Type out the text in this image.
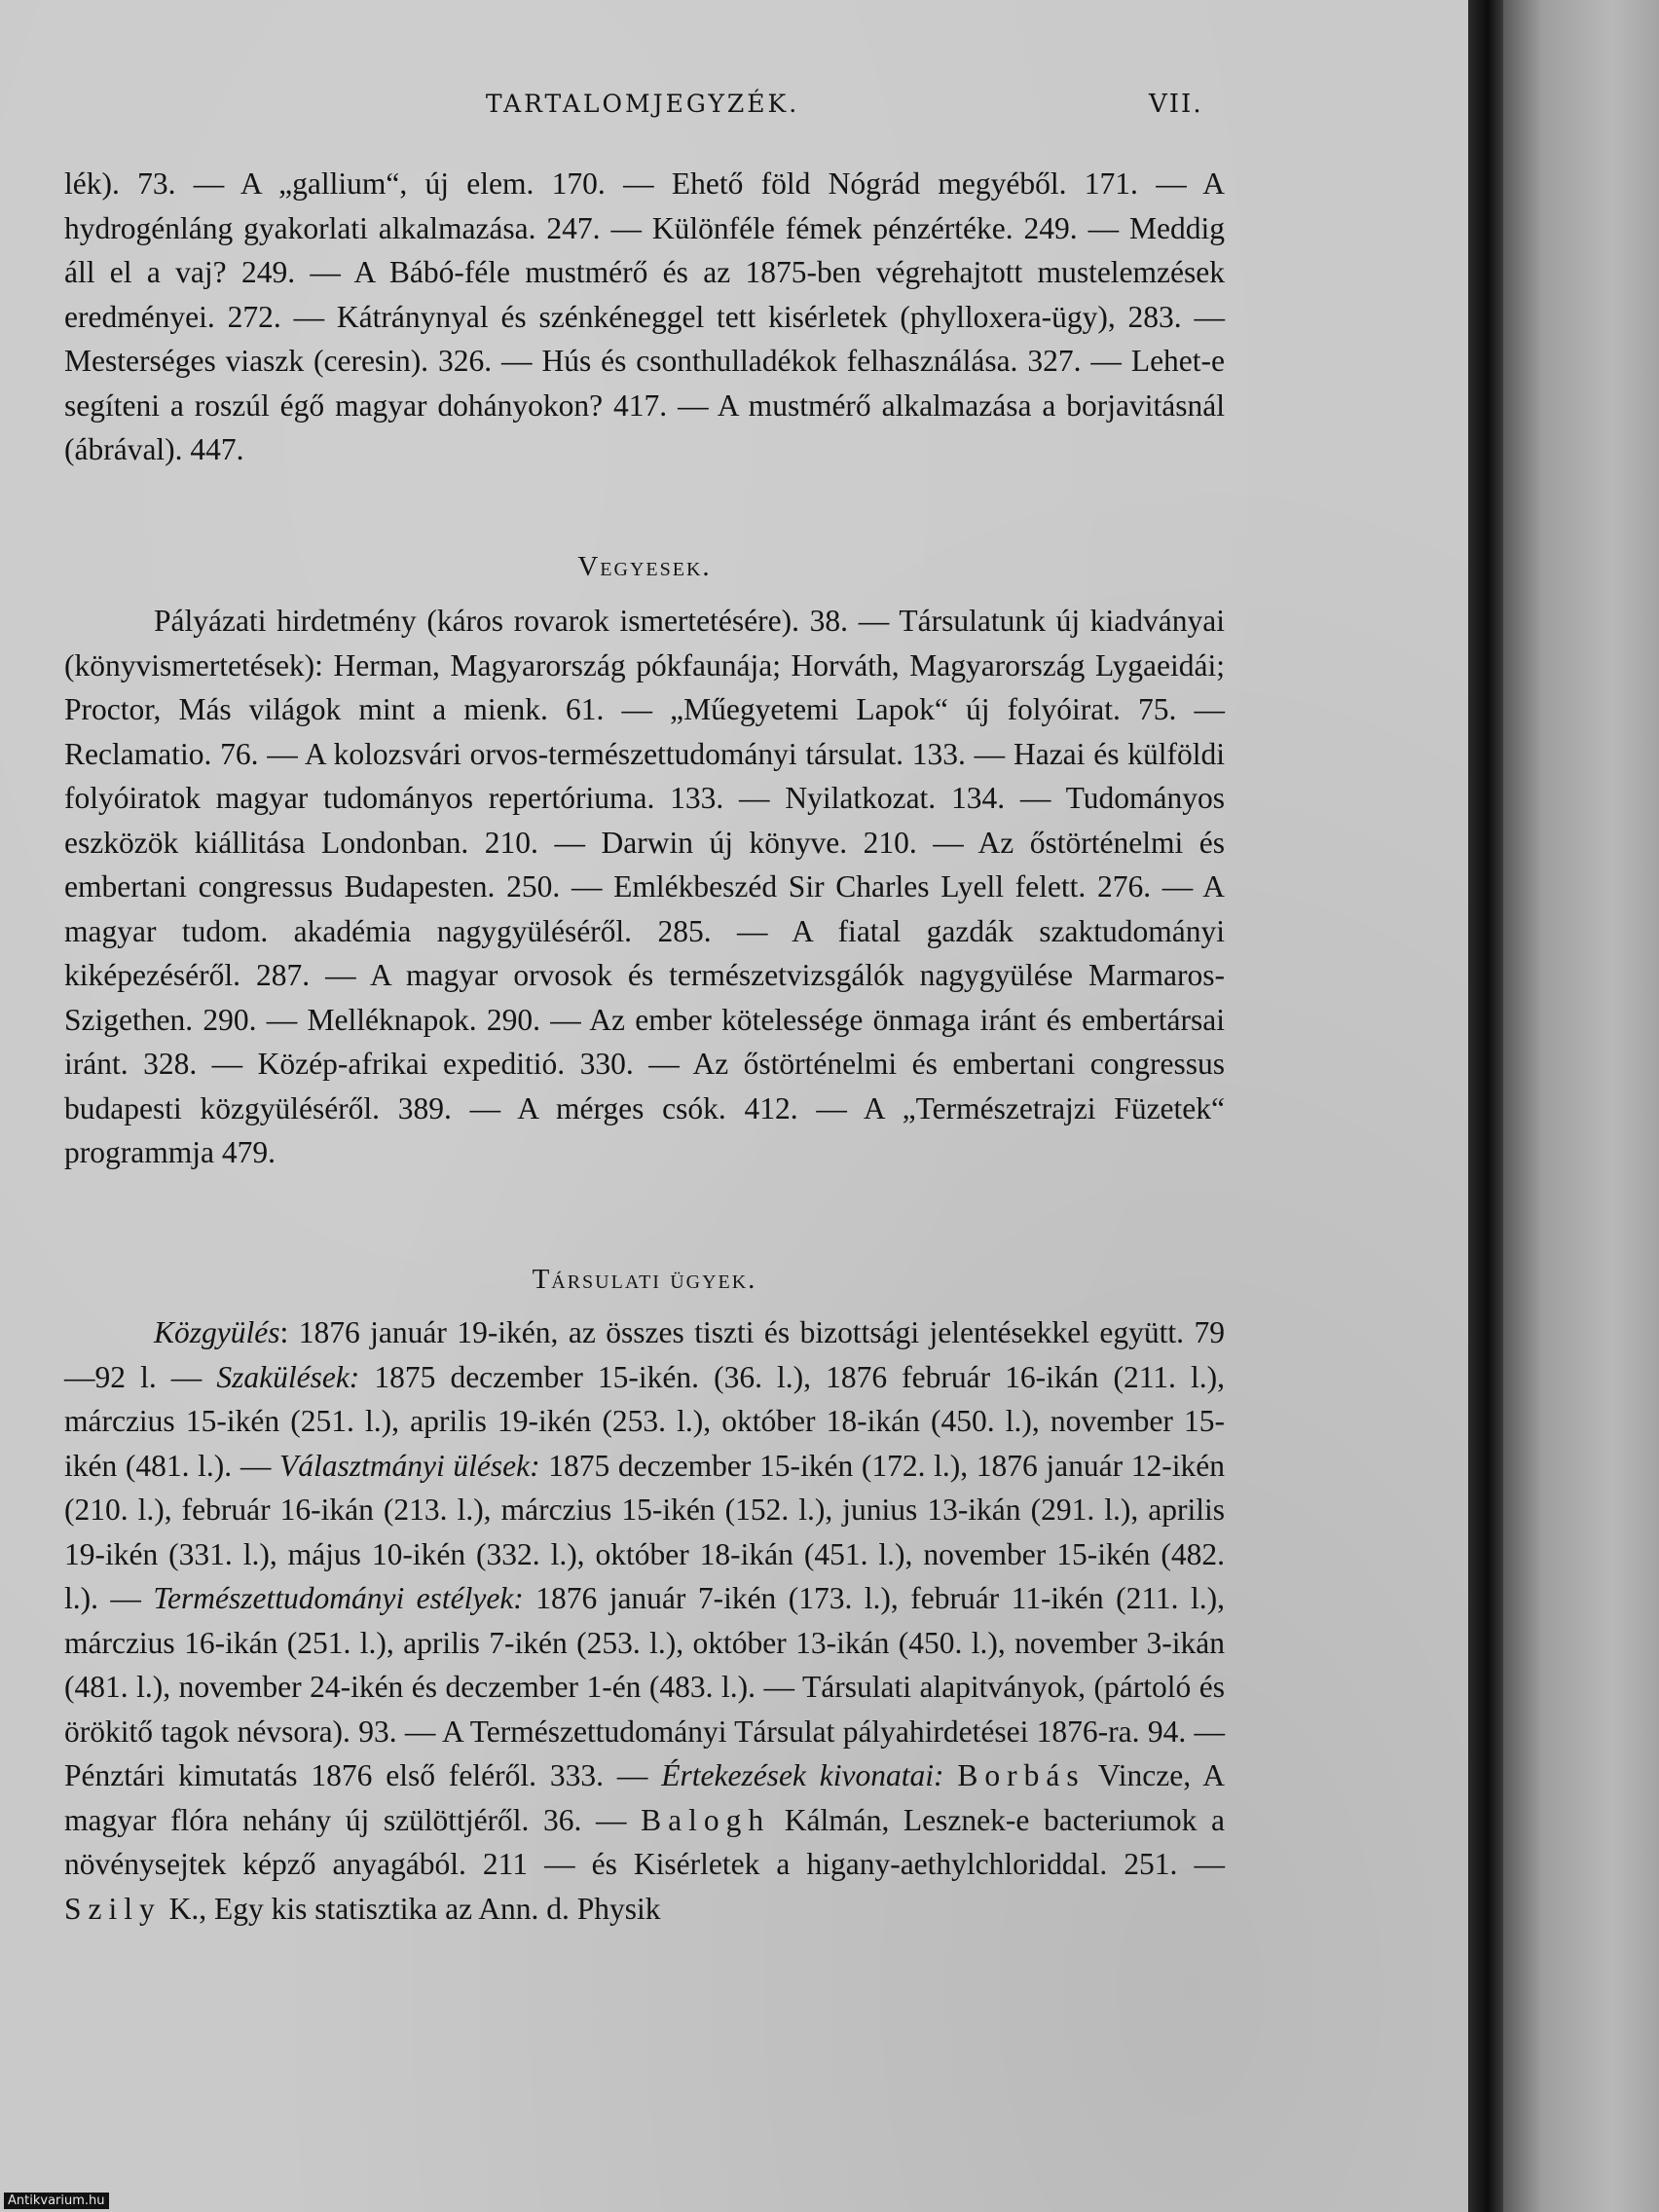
TARTALOMJEGYZÉK.	VII.

lék). 73. — A „gallium“, új elem. 170. — Ehető föld Nógrád megyéből. 171. — A hydrogénláng gyakorlati alkalmazása. 247. — Különféle fémek pénzértéke. 249. — Meddig áll el a vaj? 249. — A Bábó-féle mustmérő és az 1875-ben végrehajtott mustelemzések eredményei. 272. — Kátránynyal és szénkéneggel tett kisérletek (phylloxera-ügy), 283. — Mesterséges viaszk (ceresin). 326. — Hús és csonthulladékok felhasználása. 327. — Lehet-e segíteni a roszúl égő magyar dohányokon? 417. — A mustmérő alkalmazása a borjavitásnál (ábrával). 447.

Vegyesek.

Pályázati hirdetmény (káros rovarok ismertetésére). 38. — Társulatunk új kiadványai (könyvismertetések): Herman, Magyarország pókfaunája; Horváth, Magyarország Lygaeidái; Proctor, Más világok mint a mienk. 61. — „Műegyetemi Lapok“ új folyóirat. 75. — Reclamatio. 76. — A kolozsvári orvos-természettudományi társulat. 133. — Hazai és külföldi folyóiratok magyar tudományos repertóriuma. 133. — Nyilatkozat. 134. — Tudományos eszközök kiállitása Londonban. 210. — Darwin új könyve. 210. — Az őstörténelmi és embertani congressus Budapesten. 250. — Emlékbeszéd Sir Charles Lyell felett. 276. — A magyar tudom. akadémia nagygyüléséről. 285. — A fiatal gazdák szaktudományi kiképezéséről. 287. — A magyar orvosok és természetvizsgálók nagygyülése Marmaros-Szigethen. 290. — Melléknapok. 290. — Az ember kötelessége önmaga iránt és embertársai iránt. 328. — Közép-afrikai expeditió. 330. — Az őstörténelmi és embertani congressus budapesti közgyüléséről. 389. — A mérges csók. 412. — A „Természetrajzi Füzetek“ programmja 479.

Társulati ügyek.

Közgyülés: 1876 január 19-ikén, az összes tiszti és bizottsági jelentésekkel együtt. 79—92 l. — Szakülések: 1875 deczember 15-ikén. (36. l.), 1876 február 16-ikán (211. l.), márczius 15-ikén (251. l.), aprilis 19-ikén (253. l.), október 18-ikán (450. l.), november 15-ikén (481. l.). — Választmányi ülések: 1875 deczember 15-ikén (172. l.), 1876 január 12-ikén (210. l.), február 16-ikán (213. l.), márczius 15-ikén (152. l.), junius 13-ikán (291. l.), aprilis 19-ikén (331. l.), május 10-ikén (332. l.), október 18-ikán (451. l.), november 15-ikén (482. l.). — Természettudományi estélyek: 1876 január 7-ikén (173. l.), február 11-ikén (211. l.), márczius 16-ikán (251. l.), aprilis 7-ikén (253. l.), október 13-ikán (450. l.), november 3-ikán (481. l.), november 24-ikén és deczember 1-én (483. l.). — Társulati alapitványok, (pártoló és örökitő tagok névsora). 93. — A Természettudományi Társulat pályahirdetései 1876-ra. 94. — Pénztári kimutatás 1876 első feléről. 333. — Értekezések kivonatai: Borbás Vincze, A magyar flóra nehány új szülöttjéről. 36. — Balogh Kálmán, Lesznek-e bacteriumok a növénysejtek képző anyagából. 211 — és Kisérletek a higany-aethylchloriddal. 251. — Szily K., Egy kis statisztika az Ann. d. Physik

Antikvarium.hu
